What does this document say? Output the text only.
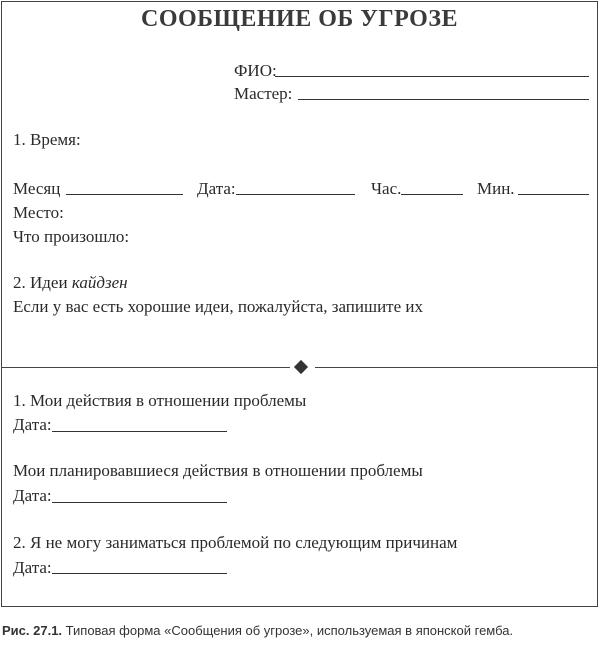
СООБЩЕНИЕ ОБ УГРОЗЕ
ФИО:
Мастер:
1. Время:
Месяц	Дата:	Час.	Мин.
Место:
Что произошло:
2. Идеи кайдзен
Если у вас есть хорошие идеи, пожалуйста, запишите их
1. Мои действия в отношении проблемы
Дата:
Мои планировавшиеся действия в отношении проблемы
Дата:
2. Я не могу заниматься проблемой по следующим причинам
Дата:
Рис. 27.1. Типовая форма «Сообщения об угрозе», используемая в японской гемба.
